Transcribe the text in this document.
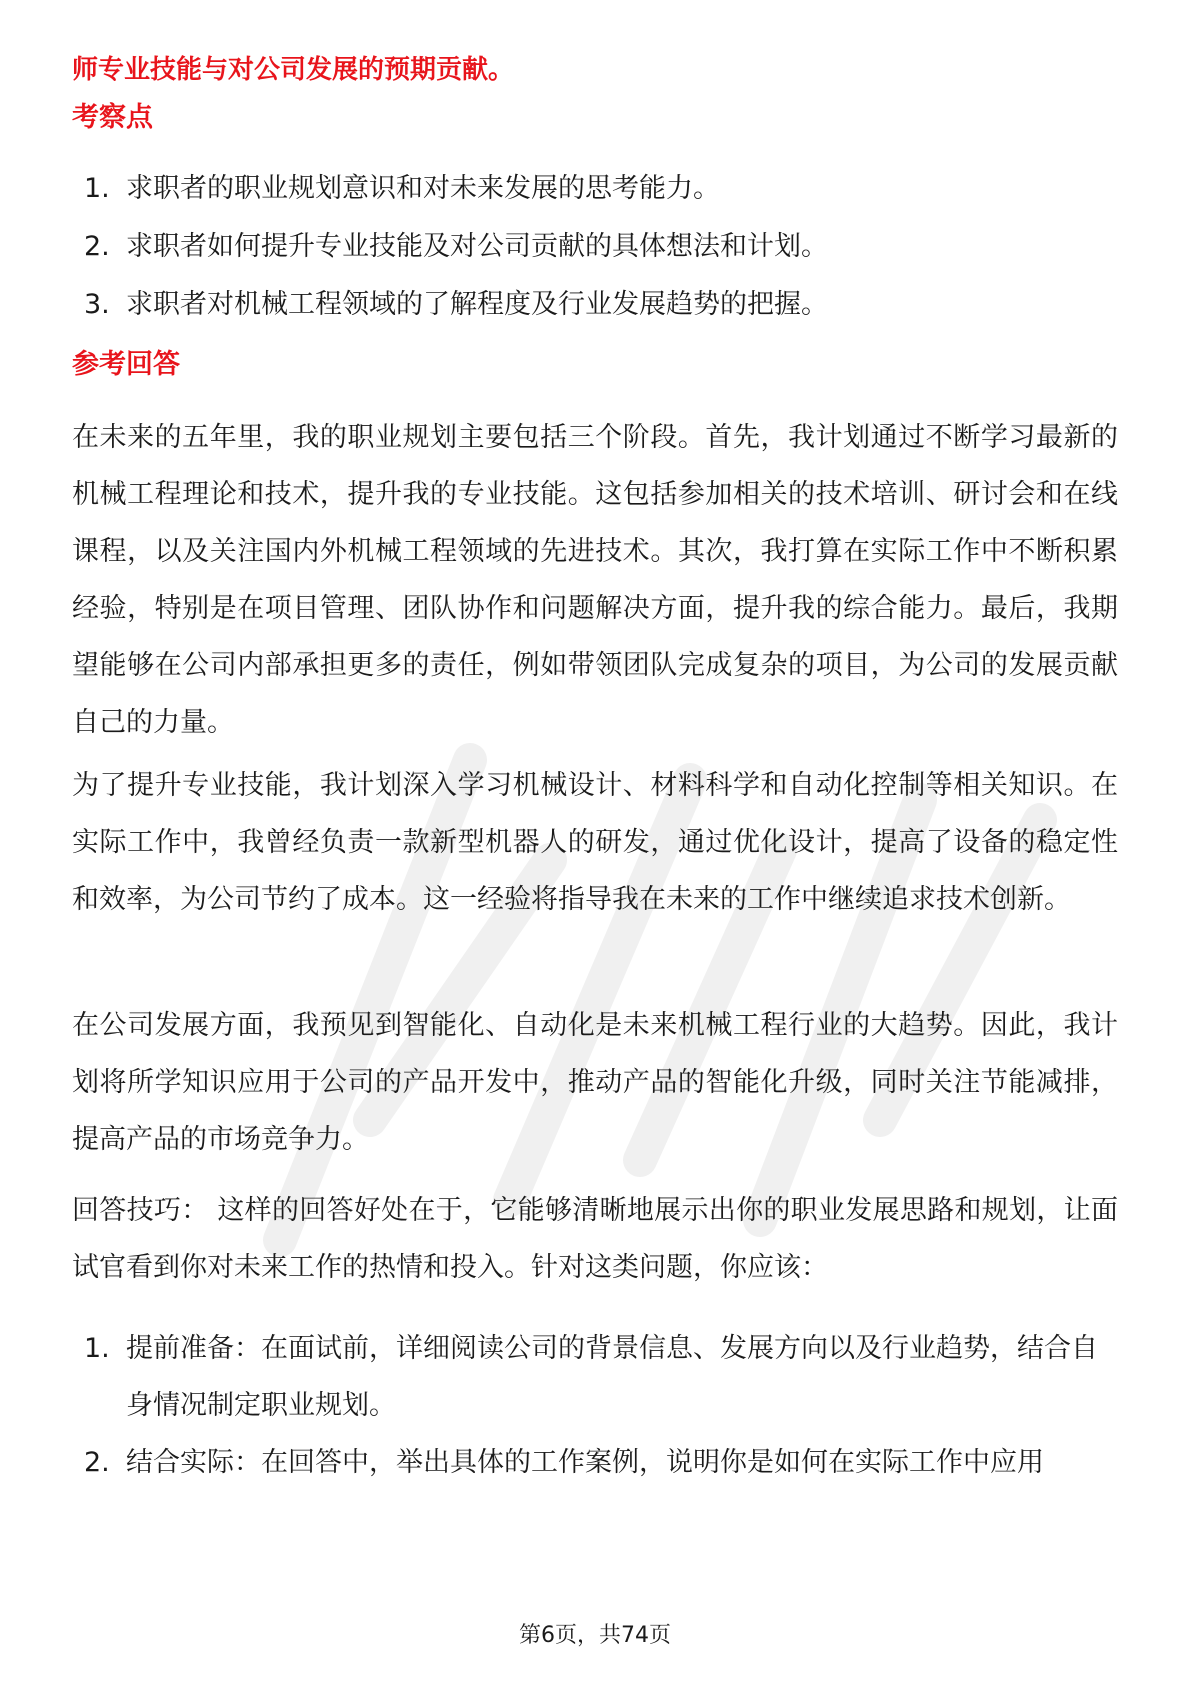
师专业技能与对公司发展的预期贡献。

考察点
1. 求职者的职业规划意识和对未来发展的思考能力。
2. 求职者如何提升专业技能及对公司贡献的具体想法和计划。
3. 求职者对机械工程领域的了解程度及行业发展趋势的把握。
参考回答

在未来的五年里，我的职业规划主要包括三个阶段。首先，我计划通过不断学习最新的机械工程理论和技术，提升我的专业技能。这包括参加相关的技术培训、研讨会和在线课程，以及关注国内外机械工程领域的先进技术。其次，我打算在实际工作中不断积累经验，特别是在项目管理、团队协作和问题解决方面，提升我的综合能力。最后，我期望能够在公司内部承担更多的责任，例如带领团队完成复杂的项目，为公司的发展贡献自己的力量。

为了提升专业技能，我计划深入学习机械设计、材料科学和自动化控制等相关知识。在实际工作中，我曾经负责一款新型机器人的研发，通过优化设计，提高了设备的稳定性和效率，为公司节约了成本。这一经验将指导我在未来的工作中继续追求技术创新。

在公司发展方面，我预见到智能化、自动化是未来机械工程行业的大趋势。因此，我计划将所学知识应用于公司的产品开发中，推动产品的智能化升级，同时关注节能减排，提高产品的市场竞争力。

回答技巧： 这样的回答好处在于，它能够清晰地展示出你的职业发展思路和规划，让面试官看到你对未来工作的热情和投入。针对这类问题，你应该：

1. 提前准备：在面试前，详细阅读公司的背景信息、发展方向以及行业趋势，结合自身情况制定职业规划。
2. 结合实际：在回答中，举出具体的工作案例，说明你是如何在实际工作中应用

第6页，共74页
